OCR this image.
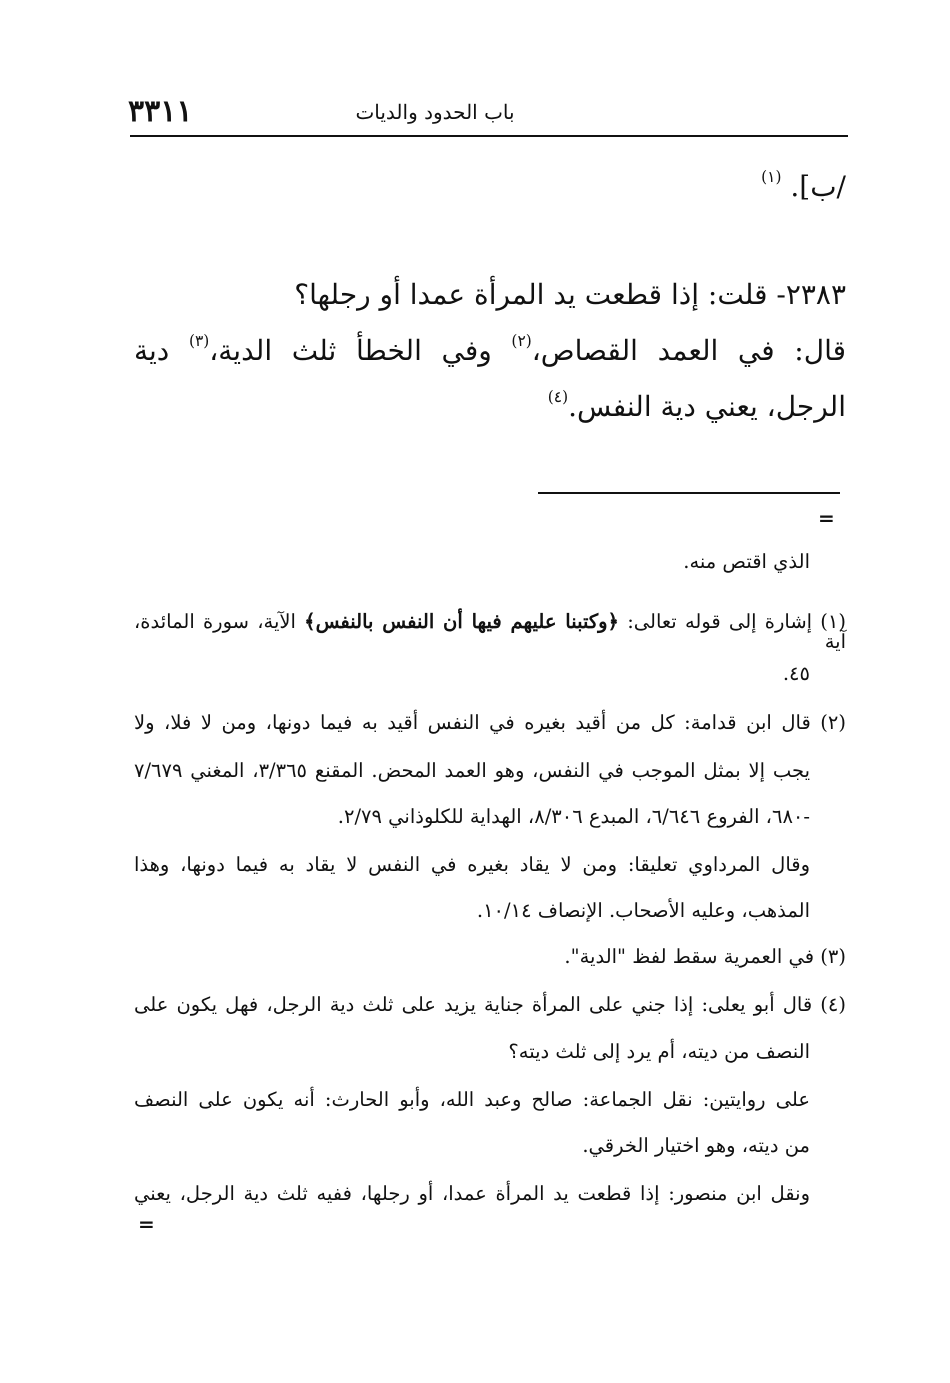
٣٣١١	باب الحدود والديات
/ب]. $^{(١)}$
٢٣٨٣- قلت: إذا قطعت يد المرأة عمدا أو رجلها؟
قال: في العمد القصاص،$^{(٢)}$ وفي الخطأ ثلث الدية،$^{(٣)}$ دية
الرجل، يعني دية النفس.$^{(٤)}$
=
الذي اقتص منه.
(١) إشارة إلى قوله تعالى: ﴿وكتبنا عليهم فيها أن النفس بالنفس﴾ الآية، سورة المائدة، آية
٤٥.
(٢) قال ابن قدامة: كل من أقيد بغيره في النفس أقيد به فيما دونها، ومن لا فلا، ولا
يجب إلا بمثل الموجب في النفس، وهو العمد المحض. المقنع ٣/٣٦٥، المغني ٧/٦٧٩
-٦٨٠، الفروع ٦/٦٤٦، المبدع ٨/٣٠٦، الهداية للكلوذاني ٢/٧٩.
وقال المرداوي تعليقا: ومن لا يقاد بغيره في النفس لا يقاد به فيما دونها، وهذا
المذهب، وعليه الأصحاب. الإنصاف ١٠/١٤.
(٣) في العمرية سقط لفظ "الدية".
(٤) قال أبو يعلى: إذا جني على المرأة جناية يزيد على ثلث دية الرجل، فهل يكون على
النصف من ديته، أم يرد إلى ثلث ديته؟
على روايتين: نقل الجماعة: صالح وعبد الله، وأبو الحارث: أنه يكون على النصف
من ديته، وهو اختيار الخرقي.
ونقل ابن منصور: إذا قطعت يد المرأة عمدا، أو رجلها، ففيه ثلث دية الرجل، يعني
=
